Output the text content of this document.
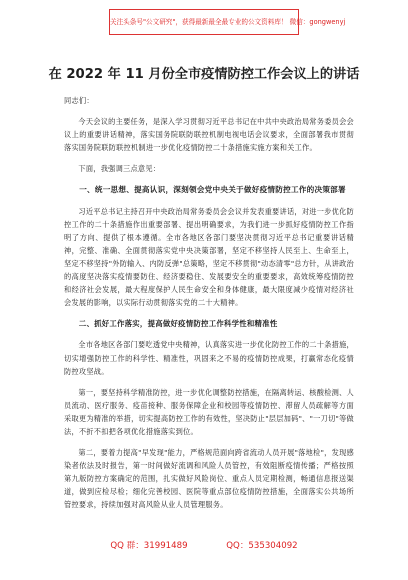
关注头条号"公文研究"，获得最新最全最专业的公文资料库！ 微信：gongwenyj
在 2022 年 11 月份全市疫情防控工作会议上的讲话

同志们：

今天会议的主要任务，是深入学习贯彻习近平总书记在中共中央政治局常务委员会会议上的重要讲话精神，落实国务院联防联控机制电视电话会议要求，全面部署我市贯彻落实国务院联防联控机制进一步优化疫情防控二十条措施实施方案和关工作。

下面，我强调三点意见：

一、统一思想、提高认识，深刻领会党中央关于做好疫情防控工作的决策部署

习近平总书记主持召开中央政治局常务委员会会议并发表重要讲话，对进一步优化防控工作的二十条措施作出重要部署、提出明确要求，为我们进一步抓好疫情防控工作指明了方向、提供了根本遵循。全市各地区各部门要坚决贯彻习近平总书记重要讲话精神，完整、准确、全面贯彻落实党中央决策部署，坚定不移坚持人民至上、生命至上，坚定不移坚持"外防输入、内防反弹"总策略，坚定不移贯彻"动态清零"总方针，从讲政治的高度坚决落实疫情要防住、经济要稳住、发展要安全的重要要求，高效统筹疫情防控和经济社会发展，最大程度保护人民生命安全和身体健康，最大限度减少疫情对经济社会发展的影响，以实际行动贯彻落实党的二十大精神。

二、抓好工作落实，提高做好疫情防控工作科学性和精准性

全市各地区各部门要吃透党中央精神，认真落实进一步优化防控工作的二十条措施，切实增强防控工作的科学性、精准性，巩固来之不易的疫情防控成果，打赢常态化疫情防控攻坚战。

第一，要坚持科学精准防控，进一步优化调整防控措施，在隔离转运、核酸检测、人员流动、医疗服务、疫苗接种、服务保障企业和校园等疫情防控、滞留人员疏解等方面采取更为精准的举措，切实提高防控工作的有效性，坚决防止"层层加码"、"一刀切"等做法，不折不扣把各项优化措施落实到位。

第二，要着力提高"早发现"能力，严格规范面向跨省流动人员开展"落地检"，发现感染者依法及时报告，第一时间做好流调和风险人员管控，有效阻断疫情传播；严格按照第九版防控方案确定的范围，扎实做好风险岗位、重点人员定期检测，畅通信息报送渠道，做到应检尽检；细化完善校园、医院等重点部位疫情防控措施，全面落实公共场所管控要求，持续加强对高风险从业人员管理服务。

QQ 群：31991489	QQ：535304092
